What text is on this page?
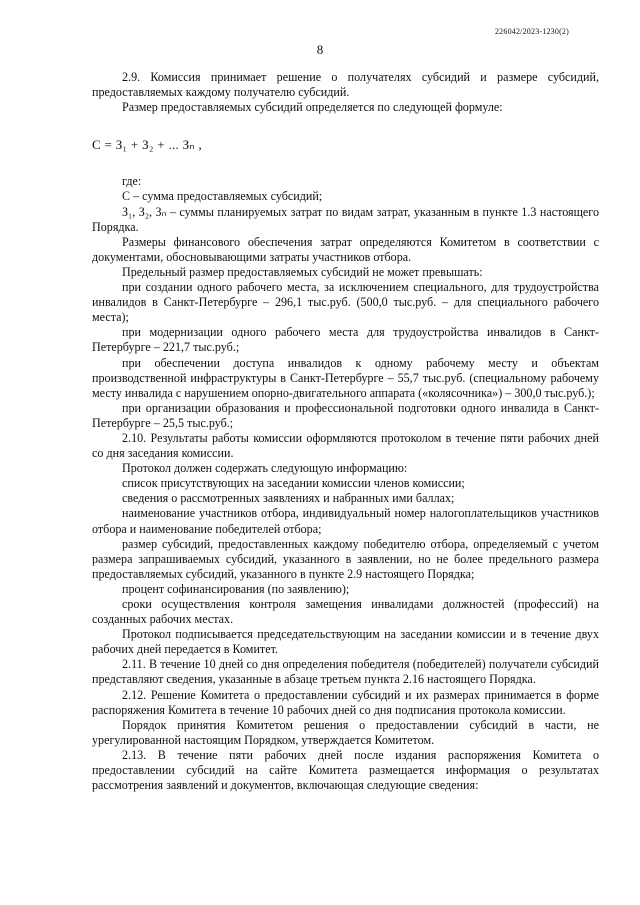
226042/2023-1230(2)
8

2.9. Комиссия принимает решение о получателях субсидий и размере субсидий, предоставляемых каждому получателю субсидий.

Размер предоставляемых субсидий определяется по следующей формуле:

С = З₁ + З₂ + ... Зₙ ,

где:

С – сумма предоставляемых субсидий;

З₁, З₂, Зₙ – суммы планируемых затрат по видам затрат, указанным в пункте 1.3 настоящего Порядка.

Размеры финансового обеспечения затрат определяются Комитетом в соответствии с документами, обосновывающими затраты участников отбора.

Предельный размер предоставляемых субсидий не может превышать:

при создании одного рабочего места, за исключением специального, для трудоустройства инвалидов в Санкт-Петербурге – 296,1 тыс.руб. (500,0 тыс.руб. – для специального рабочего места);

при модернизации одного рабочего места для трудоустройства инвалидов в Санкт-Петербурге – 221,7 тыс.руб.;

при обеспечении доступа инвалидов к одному рабочему месту и объектам производственной инфраструктуры в Санкт-Петербурге – 55,7 тыс.руб. (специальному рабочему месту инвалида с нарушением опорно-двигательного аппарата («колясочника») – 300,0 тыс.руб.);

при организации образования и профессиональной подготовки одного инвалида в Санкт-Петербурге – 25,5 тыс.руб.;

2.10. Результаты работы комиссии оформляются протоколом в течение пяти рабочих дней со дня заседания комиссии.

Протокол должен содержать следующую информацию:

список присутствующих на заседании комиссии членов комиссии;

сведения о рассмотренных заявлениях и набранных ими баллах;

наименование участников отбора, индивидуальный номер налогоплательщиков участников отбора и наименование победителей отбора;

размер субсидий, предоставленных каждому победителю отбора, определяемый с учетом размера запрашиваемых субсидий, указанного в заявлении, но не более предельного размера предоставляемых субсидий, указанного в пункте 2.9 настоящего Порядка;

процент софинансирования (по заявлению);

сроки осуществления контроля замещения инвалидами должностей (профессий) на созданных рабочих местах.

Протокол подписывается председательствующим на заседании комиссии и в течение двух рабочих дней передается в Комитет.

2.11. В течение 10 дней со дня определения победителя (победителей) получатели субсидий представляют сведения, указанные в абзаце третьем пункта 2.16 настоящего Порядка.

2.12. Решение Комитета о предоставлении субсидий и их размерах принимается в форме распоряжения Комитета в течение 10 рабочих дней со дня подписания протокола комиссии.

Порядок принятия Комитетом решения о предоставлении субсидий в части, не урегулированной настоящим Порядком, утверждается Комитетом.

2.13. В течение пяти рабочих дней после издания распоряжения Комитета о предоставлении субсидий на сайте Комитета размещается информация о результатах рассмотрения заявлений и документов, включающая следующие сведения:
